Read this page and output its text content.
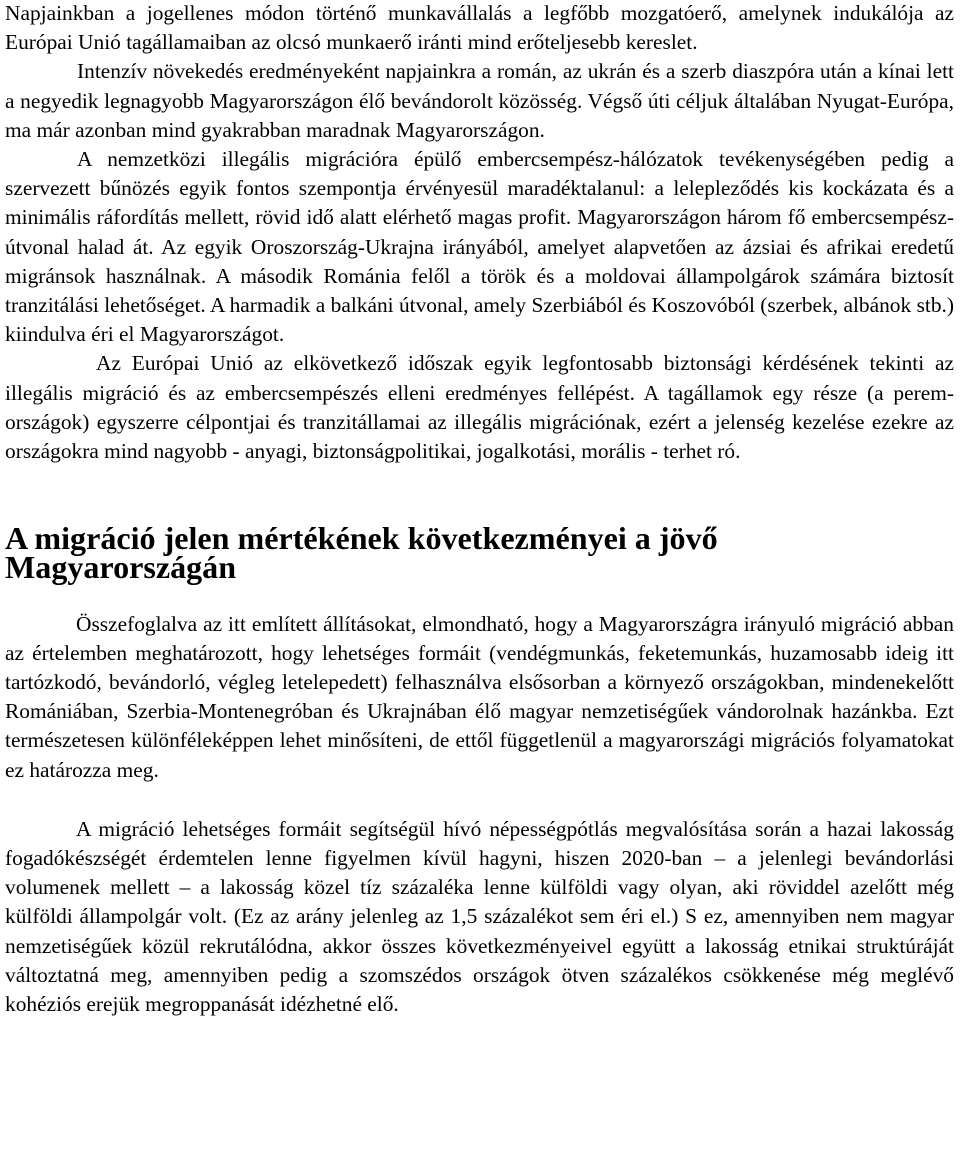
Napjainkban a jogellenes módon történő munkavállalás a legfőbb mozgatóerő, amelynek indukálója az Európai Unió tagállamaiban az olcsó munkaerő iránti mind erőteljesebb kereslet.

Intenzív növekedés eredményeként napjainkra a román, az ukrán és a szerb diaszpóra után a kínai lett a negyedik legnagyobb Magyarországon élő bevándorolt közösség. Végső úti céljuk általában Nyugat-Európa, ma már azonban mind gyakrabban maradnak Magyarországon.

A nemzetközi illegális migrációra épülő embercsempész-hálózatok tevékenységében pedig a szervezett bűnözés egyik fontos szempontja érvényesül maradéktalanul: a lelepleződés kis kockázata és a minimális ráfordítás mellett, rövid idő alatt elérhető magas profit. Magyarországon három fő embercsempész-útvonal halad át. Az egyik Oroszország-Ukrajna irányából, amelyet alapvetően az ázsiai és afrikai eredetű migránsok használnak. A második Románia felől a török és a moldovai állampolgárok számára biztosít tranzitálási lehetőséget. A harmadik a balkáni útvonal, amely Szerbiából és Koszovóból (szerbek, albánok stb.) kiindulva éri el Magyarországot.

Az Európai Unió az elkövetkező időszak egyik legfontosabb biztonsági kérdésének tekinti az illegális migráció és az embercsempészés elleni eredményes fellépést. A tagállamok egy része (a perem-országok) egyszerre célpontjai és tranzitállamai az illegális migrációnak, ezért a jelenség kezelése ezekre az országokra mind nagyobb - anyagi, biztonságpolitikai, jogalkotási, morális - terhet ró.

A migráció jelen mértékének következményei a jövő Magyarországán

Összefoglalva az itt említett állításokat, elmondható, hogy a Magyarországra irányuló migráció abban az értelemben meghatározott, hogy lehetséges formáit (vendégmunkás, feketemunkás, huzamosabb ideig itt tartózkodó, bevándorló, végleg letelepedett) felhasználva elsősorban a környező országokban, mindenekelőtt Romániában, Szerbia-Montenegróban és Ukrajnában élő magyar nemzetiségűek vándorolnak hazánkba. Ezt természetesen különféleképpen lehet minősíteni, de ettől függetlenül a magyarországi migrációs folyamatokat ez határozza meg.

A migráció lehetséges formáit segítségül hívó népességpótlás megvalósítása során a hazai lakosság fogadókészségét érdemtelen lenne figyelmen kívül hagyni, hiszen 2020-ban – a jelenlegi bevándorlási volumenek mellett – a lakosság közel tíz százaléka lenne külföldi vagy olyan, aki röviddel azelőtt még külföldi állampolgár volt. (Ez az arány jelenleg az 1,5 százalékot sem éri el.) S ez, amennyiben nem magyar nemzetiségűek közül rekrutálódna, akkor összes következményeivel együtt a lakosság etnikai struktúráját változtatná meg, amennyiben pedig a szomszédos országok ötven százalékos csökkenése még meglévő kohéziós erejük megroppanását idézhetné elő.
